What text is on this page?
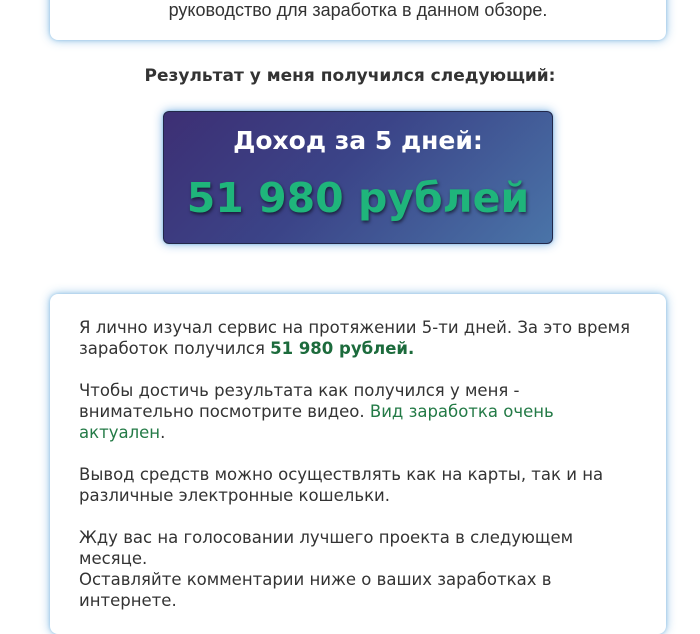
руководство для заработка в данном обзоре.
Результат у меня получился следующий:
Доход за 5 дней:
51 980 рублей

Я лично изучал сервис на протяжении 5-ти дней. За это время заработок получился 51 980 рублей.

Чтобы достичь результата как получился у меня - внимательно посмотрите видео. Вид заработка очень актуален.

Вывод средств можно осуществлять как на карты, так и на различные электронные кошельки.

Жду вас на голосовании лучшего проекта в следующем месяце.
Оставляйте комментарии ниже о ваших заработках в интернете.
